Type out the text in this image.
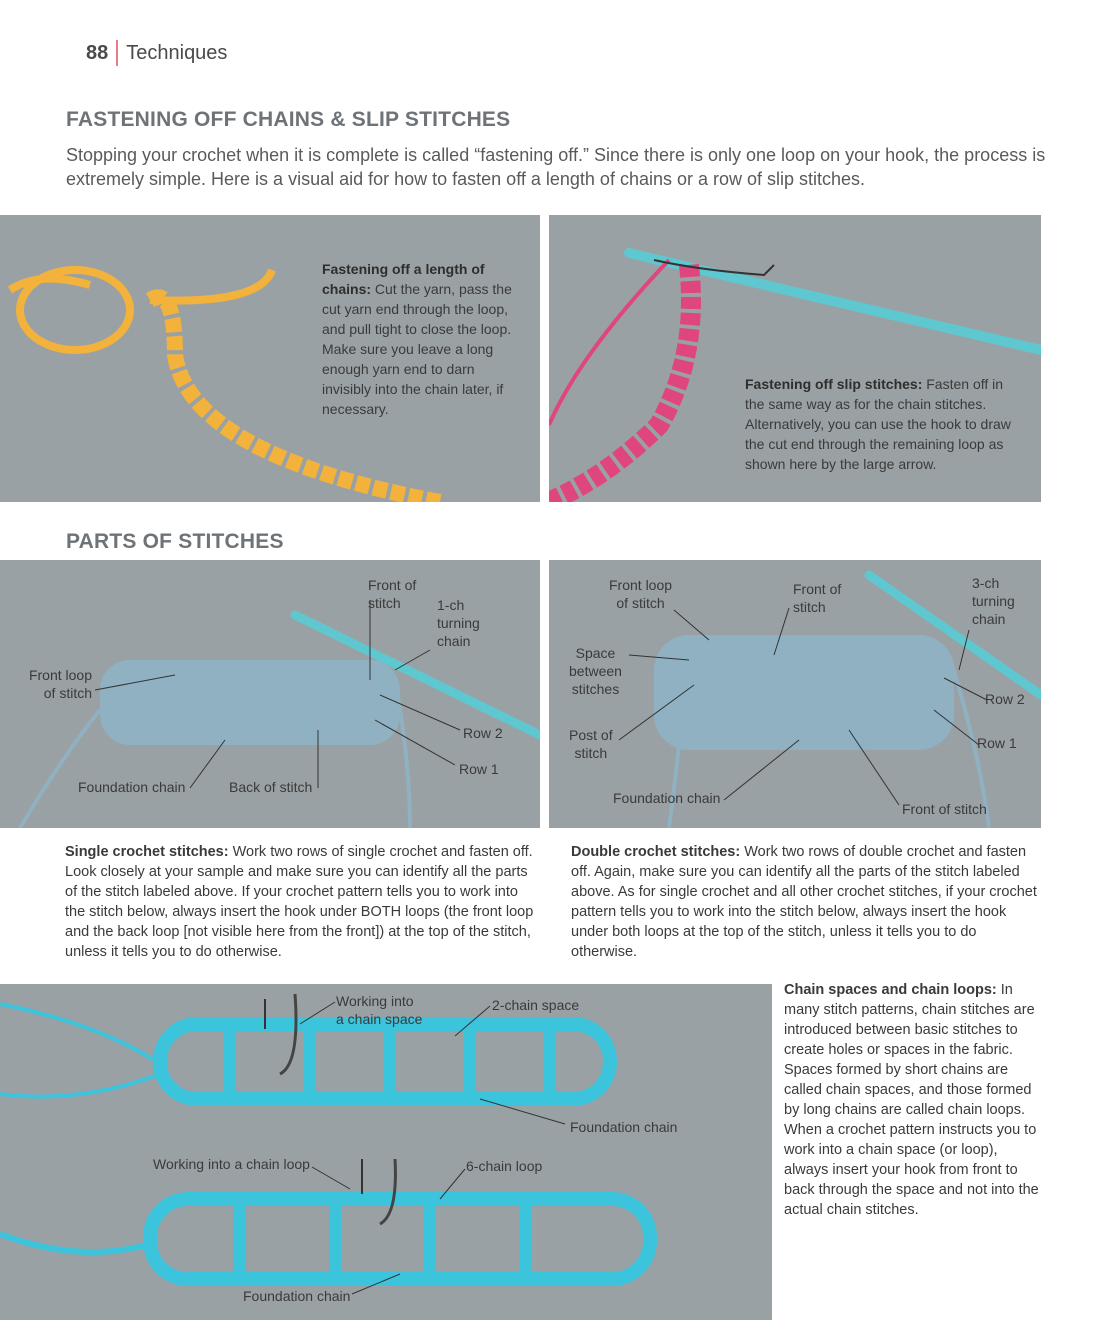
88 Techniques
FASTENING OFF CHAINS & SLIP STITCHES
Stopping your crochet when it is complete is called “fastening off.” Since there is only one loop on your hook, the process is extremely simple. Here is a visual aid for how to fasten off a length of chains or a row of slip stitches.
Fastening off a length of chains: Cut the yarn, pass the cut yarn end through the loop, and pull tight to close the loop. Make sure you leave a long enough yarn end to darn invisibly into the chain later, if necessary.
Fastening off slip stitches: Fasten off in the same way as for the chain stitches. Alternatively, you can use the hook to draw the cut end through the remaining loop as shown here by the large arrow.
PARTS OF STITCHES
Front loop
of stitch
Front of
stitch	1-ch
turning
chain
Row 2
Row 1
Foundation chain	Back of stitch
Front loop
of stitch
Front of
stitch
3-ch
turning
chain
Space
between
stitches
Row 2
Row 1
Post of
stitch
Foundation chain
Front of stitch
Single crochet stitches: Work two rows of single crochet and fasten off. Look closely at your sample and make sure you can identify all the parts of the stitch labeled above. If your crochet pattern tells you to work into the stitch below, always insert the hook under BOTH loops (the front loop and the back loop [not visible here from the front]) at the top of the stitch, unless it tells you to do otherwise.
Double crochet stitches: Work two rows of double crochet and fasten off. Again, make sure you can identify all the parts of the stitch labeled above. As for single crochet and all other crochet stitches, if your crochet pattern tells you to work into the stitch below, always insert the hook under both loops at the top of the stitch, unless it tells you to do otherwise.
Working into
a chain space
2-chain space
Foundation chain
Working into a chain loop	6-chain loop
Foundation chain
Chain spaces and chain loops: In many stitch patterns, chain stitches are introduced between basic stitches to create holes or spaces in the fabric. Spaces formed by short chains are called chain spaces, and those formed by long chains are called chain loops. When a crochet pattern instructs you to work into a chain space (or loop), always insert your hook from front to back through the space and not into the actual chain stitches.
